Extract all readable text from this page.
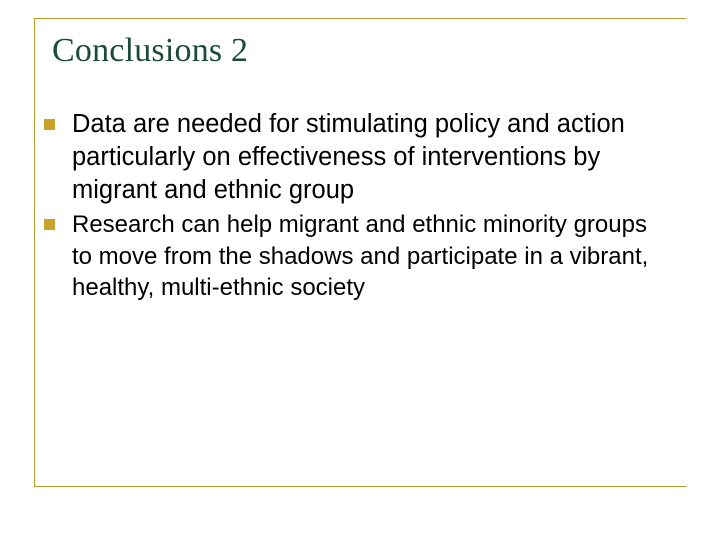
Conclusions 2
Data are needed for stimulating policy and action particularly on effectiveness of interventions by migrant and ethnic group
Research can help migrant and ethnic minority groups to move from the shadows and participate in a vibrant, healthy, multi-ethnic society
